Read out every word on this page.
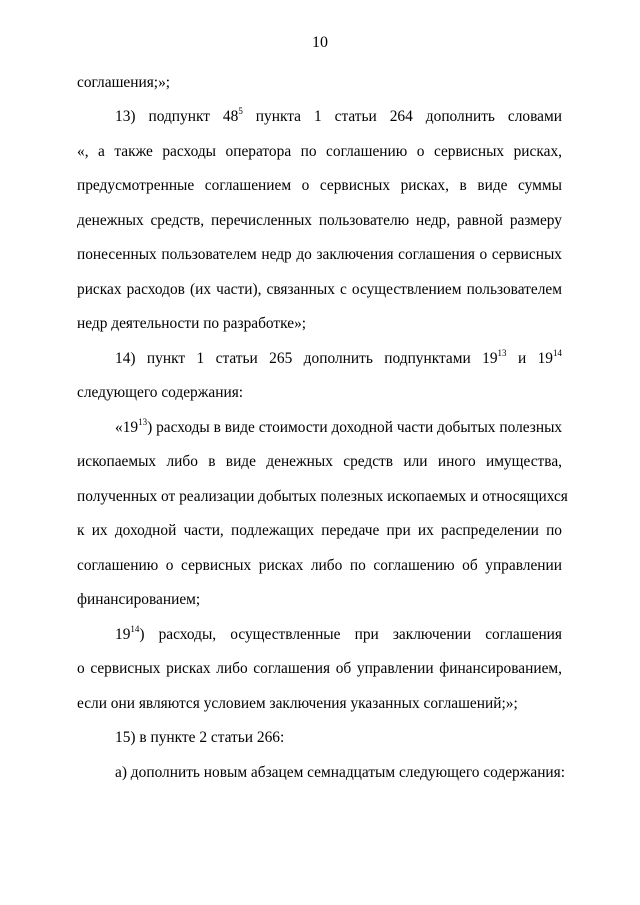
10
соглашения;»;
13) подпункт $48^5$ пункта 1 статьи 264 дополнить словами
«, а также расходы оператора по соглашению о сервисных рисках,
предусмотренные соглашением о сервисных рисках, в виде суммы
денежных средств, перечисленных пользователю недр, равной размеру
понесенных пользователем недр до заключения соглашения о сервисных
рисках расходов (их части), связанных с осуществлением пользователем
недр деятельности по разработке»;
14) пункт 1 статьи 265 дополнить подпунктами $19^{13}$ и $19^{14}$
следующего содержания:
«$19^{13}$) расходы в виде стоимости доходной части добытых полезных
ископаемых либо в виде денежных средств или иного имущества,
полученных от реализации добытых полезных ископаемых и относящихся
к их доходной части, подлежащих передаче при их распределении по
соглашению о сервисных рисках либо по соглашению об управлении
финансированием;
$19^{14}$) расходы, осуществленные при заключении соглашения
о сервисных рисках либо соглашения об управлении финансированием,
если они являются условием заключения указанных соглашений;»;
15) в пункте 2 статьи 266:
а) дополнить новым абзацем семнадцатым следующего содержания:
